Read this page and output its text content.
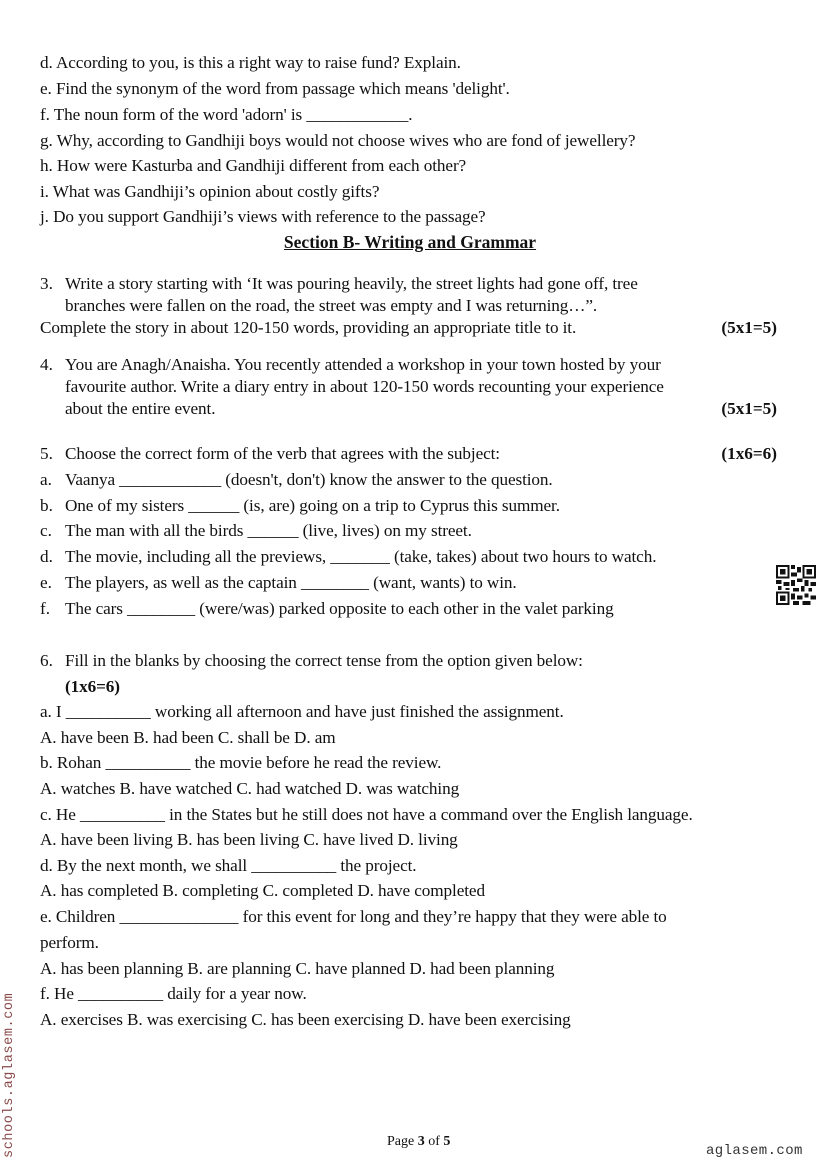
d. According to you, is this a right way to raise fund? Explain.
e. Find the synonym of the word from passage which means 'delight'.
f. The noun form of the word 'adorn' is ____________.
g. Why, according to Gandhiji boys would not choose wives who are fond of jewellery?
h. How were Kasturba and Gandhiji different from each other?
i. What was Gandhiji’s opinion about costly gifts?
j. Do you support Gandhiji’s views with reference to the passage?
Section B- Writing and Grammar
3. Write a story starting with ‘It was pouring heavily, the street lights had gone off, tree
branches were fallen on the road, the street was empty and I was returning…”.
Complete the story in about 120-150 words, providing an appropriate title to it.	(5x1=5)
4. You are Anagh/Anaisha. You recently attended a workshop in your town hosted by your
favourite author. Write a diary entry in about 120-150 words recounting your experience
about the entire event.	(5x1=5)
5. Choose the correct form of the verb that agrees with the subject:	(1x6=6)
a. Vaanya ____________ (doesn't, don't) know the answer to the question.
b. One of my sisters ______ (is, are) going on a trip to Cyprus this summer.
c. The man with all the birds ______ (live, lives) on my street.
d. The movie, including all the previews, _______ (take, takes) about two hours to watch.
e. The players, as well as the captain ________ (want, wants) to win.
f. The cars ________ (were/was) parked opposite to each other in the valet parking
6. Fill in the blanks by choosing the correct tense from the option given below:
(1x6=6)
a. I __________ working all afternoon and have just finished the assignment.
A. have been B. had been C. shall be D. am
b. Rohan __________ the movie before he read the review.
A. watches B. have watched C. had watched D. was watching
c. He __________ in the States but he still does not have a command over the English language.
A. have been living B. has been living C. have lived D. living
d. By the next month, we shall __________ the project.
A. has completed B. completing C. completed D. have completed
e. Children ______________ for this event for long and they’re happy that they were able to
perform.
A. has been planning B. are planning C. have planned D. had been planning
f. He __________ daily for a year now.
A. exercises B. was exercising C. has been exercising D. have been exercising
schools.aglasem.com	Page 3 of 5
aglasem.com
